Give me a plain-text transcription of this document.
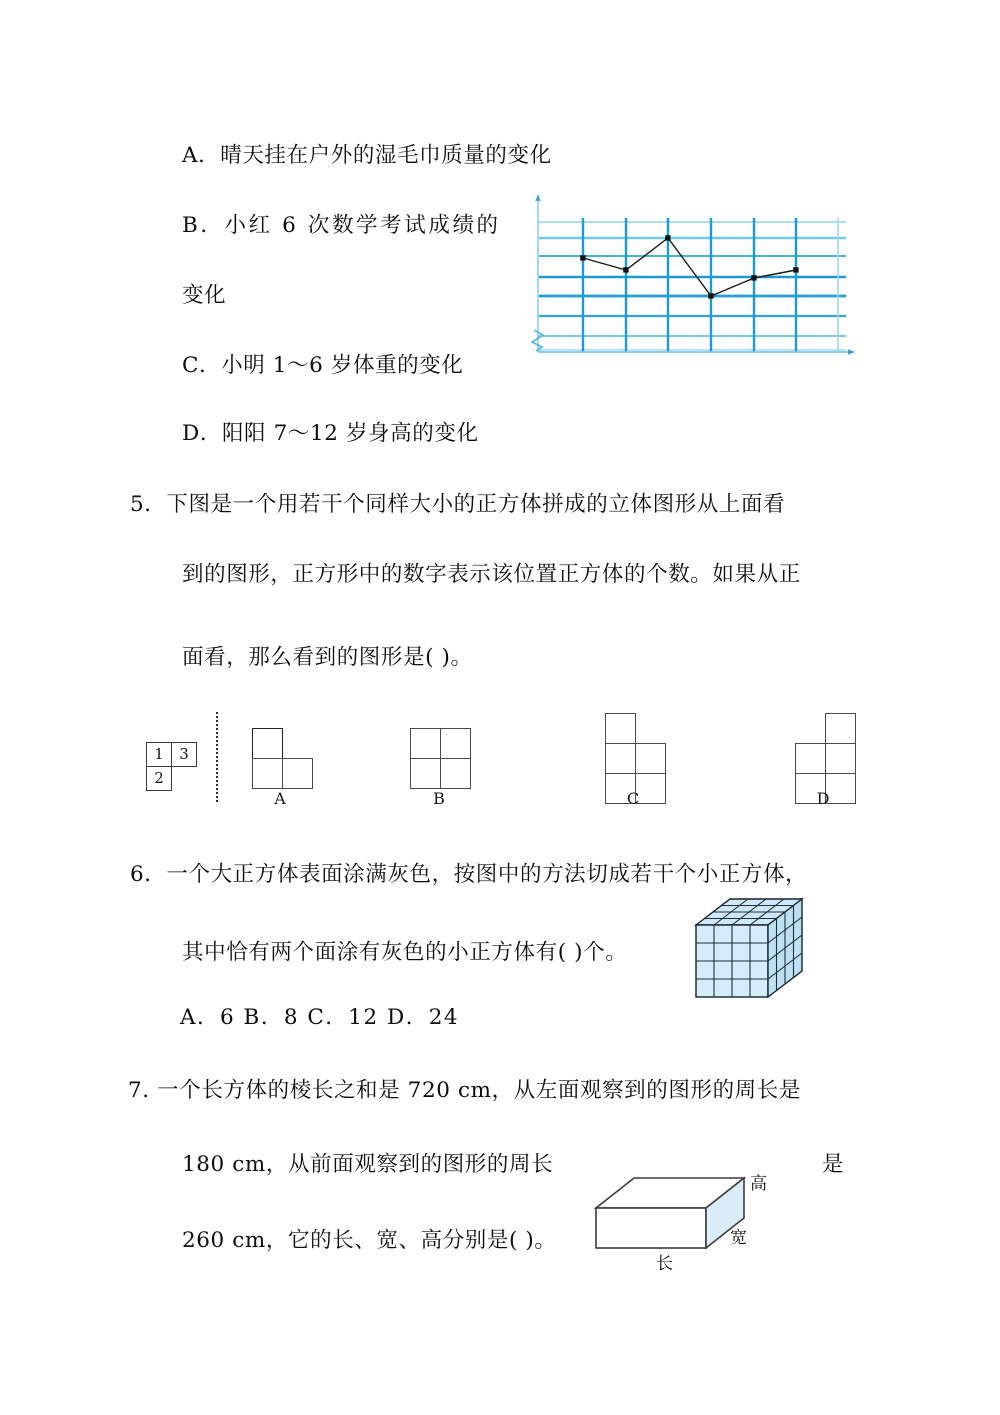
A．晴天挂在户外的湿毛巾质量的变化
B．小红 6 次数学考试成绩的
变化
C．小明 1～6 岁体重的变化
D．阳阳 7～12 岁身高的变化
5．下图是一个用若干个同样大小的正方体拼成的立体图形从上面看
到的图形，正方形中的数字表示该位置正方体的个数。如果从正
面看，那么看到的图形是( )。
1	3
2
A	B	C	D
6．一个大正方体表面涂满灰色，按图中的方法切成若干个小正方体，
其中恰有两个面涂有灰色的小正方体有( )个。
A．6 B．8 C．12 D．24
7. 一个长方体的棱长之和是 720 cm，从左面观察到的图形的周长是
180 cm，从前面观察到的图形的周长	是
260 cm，它的长、宽、高分别是( )。
高
宽
长
